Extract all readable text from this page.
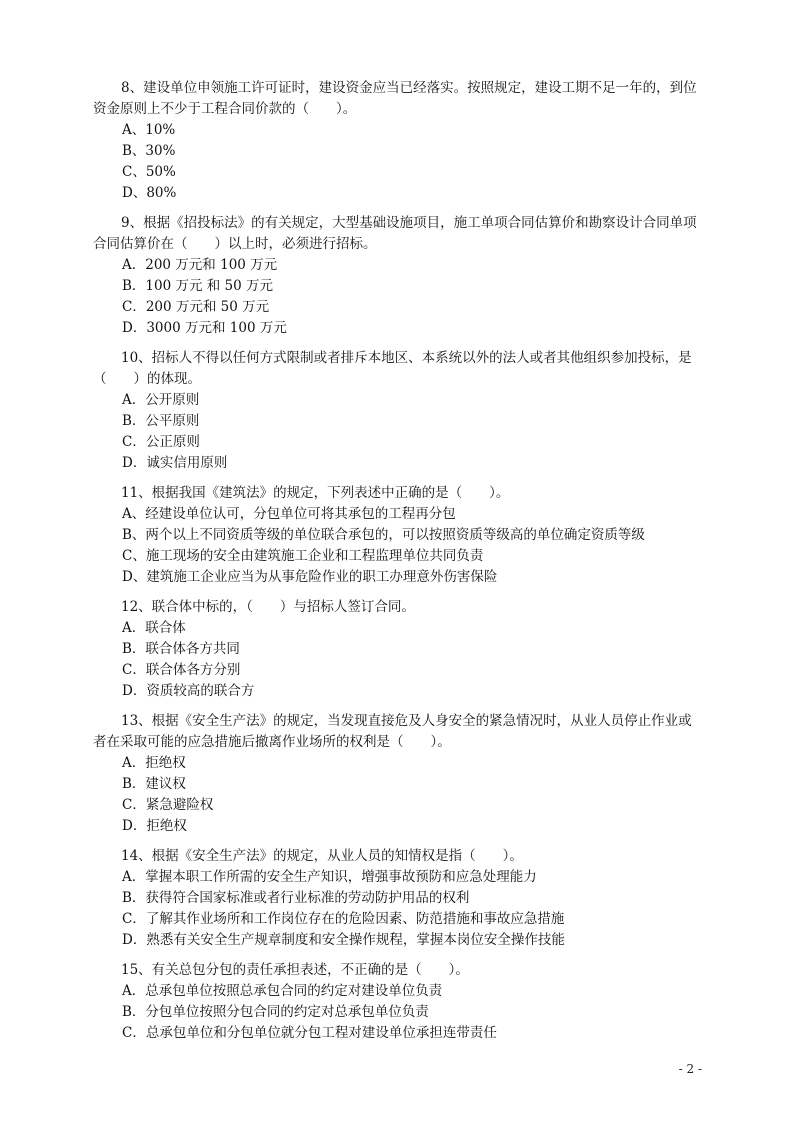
8、建设单位申领施工许可证时，建设资金应当已经落实。按照规定，建设工期不足一年的，到位资金原则上不少于工程合同价款的（　　）。

A、10%

B、30%

C、50%

D、80%

9、根据《招投标法》的有关规定，大型基础设施项目，施工单项合同估算价和勘察设计合同单项合同估算价在（　　）以上时，必须进行招标。

A．200 万元和 100 万元

B．100 万元 和 50 万元

C．200 万元和 50 万元

D．3000 万元和 100 万元

10、招标人不得以任何方式限制或者排斥本地区、本系统以外的法人或者其他组织参加投标，是（　　）的体现。

A．公开原则

B．公平原则

C．公正原则

D．诚实信用原则

11、根据我国《建筑法》的规定，下列表述中正确的是（　　）。

A、经建设单位认可，分包单位可将其承包的工程再分包

B、两个以上不同资质等级的单位联合承包的，可以按照资质等级高的单位确定资质等级

C、施工现场的安全由建筑施工企业和工程监理单位共同负责

D、建筑施工企业应当为从事危险作业的职工办理意外伤害保险

12、联合体中标的，（　　）与招标人签订合同。

A．联合体

B．联合体各方共同

C．联合体各方分别

D．资质较高的联合方

13、根据《安全生产法》的规定，当发现直接危及人身安全的紧急情况时，从业人员停止作业或者在采取可能的应急措施后撤离作业场所的权利是（　　）。

A．拒绝权

B．建议权

C．紧急避险权

D．拒绝权

14、根据《安全生产法》的规定，从业人员的知情权是指（　　）。

A．掌握本职工作所需的安全生产知识，增强事故预防和应急处理能力

B．获得符合国家标准或者行业标准的劳动防护用品的权利

C．了解其作业场所和工作岗位存在的危险因素、防范措施和事故应急措施

D．熟悉有关安全生产规章制度和安全操作规程，掌握本岗位安全操作技能

15、有关总包分包的责任承担表述，不正确的是（　　）。

A．总承包单位按照总承包合同的约定对建设单位负责

B．分包单位按照分包合同的约定对总承包单位负责

C．总承包单位和分包单位就分包工程对建设单位承担连带责任

- 2 -
